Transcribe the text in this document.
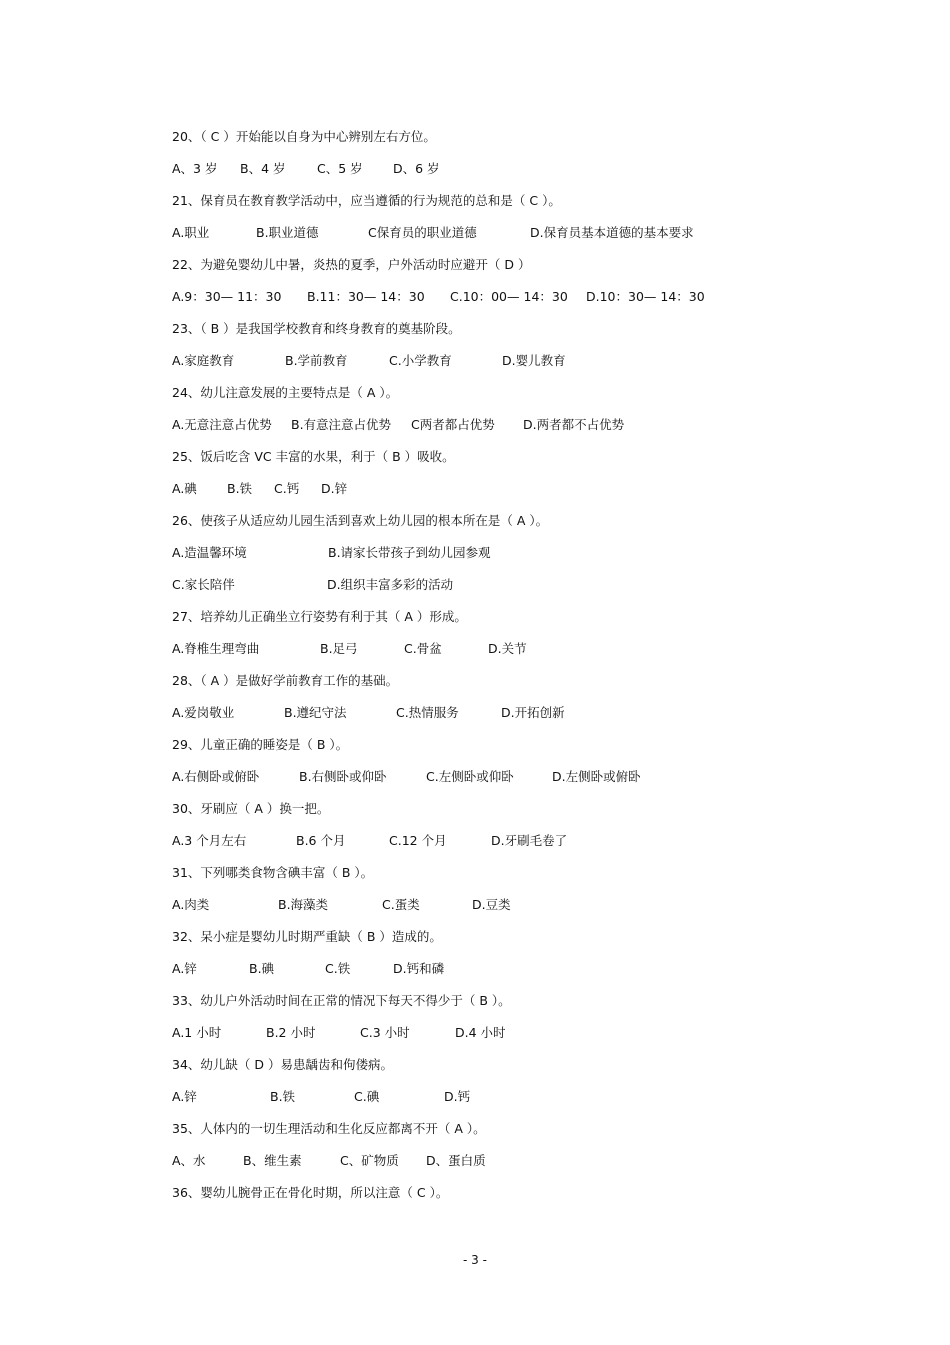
20、（ C ）开始能以自身为中心辨别左右方位。
A、3 岁	B、4 岁	C、5 岁	D、6 岁
21、保育员在教育教学活动中，应当遵循的行为规范的总和是（ C ）。
A.职业	B.职业道德	C保育员的职业道德	D.保育员基本道德的基本要求
22、为避免婴幼儿中暑，炎热的夏季，户外活动时应避开（ D ）
A.9：30— 11：30	B.11：30— 14：30	C.10：00— 14：30	D.10：30— 14：30
23、（ B ）是我国学校教育和终身教育的奠基阶段。
A.家庭教育	B.学前教育	C.小学教育	D.婴儿教育
24、幼儿注意发展的主要特点是（ A ）。
A.无意注意占优势	B.有意注意占优势	C两者都占优势	D.两者都不占优势
25、饭后吃含 VC 丰富的水果，利于（ B ）吸收。
A.碘	B.铁	C.钙	D.锌
26、使孩子从适应幼儿园生活到喜欢上幼儿园的根本所在是（ A ）。
A.造温馨环境	B.请家长带孩子到幼儿园参观
C.家长陪伴	D.组织丰富多彩的活动
27、培养幼儿正确坐立行姿势有利于其（ A ）形成。
A.脊椎生理弯曲	B.足弓	C.骨盆	D.关节
28、（ A ）是做好学前教育工作的基础。
A.爱岗敬业	B.遵纪守法	C.热情服务	D.开拓创新
29、儿童正确的睡姿是（ B ）。
A.右侧卧或俯卧	B.右侧卧或仰卧	C.左侧卧或仰卧	D.左侧卧或俯卧
30、牙刷应（ A ）换一把。
A.3 个月左右	B.6 个月	C.12 个月	D.牙刷毛卷了
31、下列哪类食物含碘丰富（ B ）。
A.肉类	B.海藻类	C.蛋类	D.豆类
32、呆小症是婴幼儿时期严重缺（ B ）造成的。
A.锌	B.碘	C.铁	D.钙和磷
33、幼儿户外活动时间在正常的情况下每天不得少于（ B ）。
A.1 小时	B.2 小时	C.3 小时	D.4 小时
34、幼儿缺（ D ）易患龋齿和佝偻病。
A.锌	B.铁	C.碘	D.钙
35、人体内的一切生理活动和生化反应都离不开（ A ）。
A、水	B、维生素	C、矿物质	D、蛋白质
36、婴幼儿腕骨正在骨化时期，所以注意（ C ）。
- 3 -
